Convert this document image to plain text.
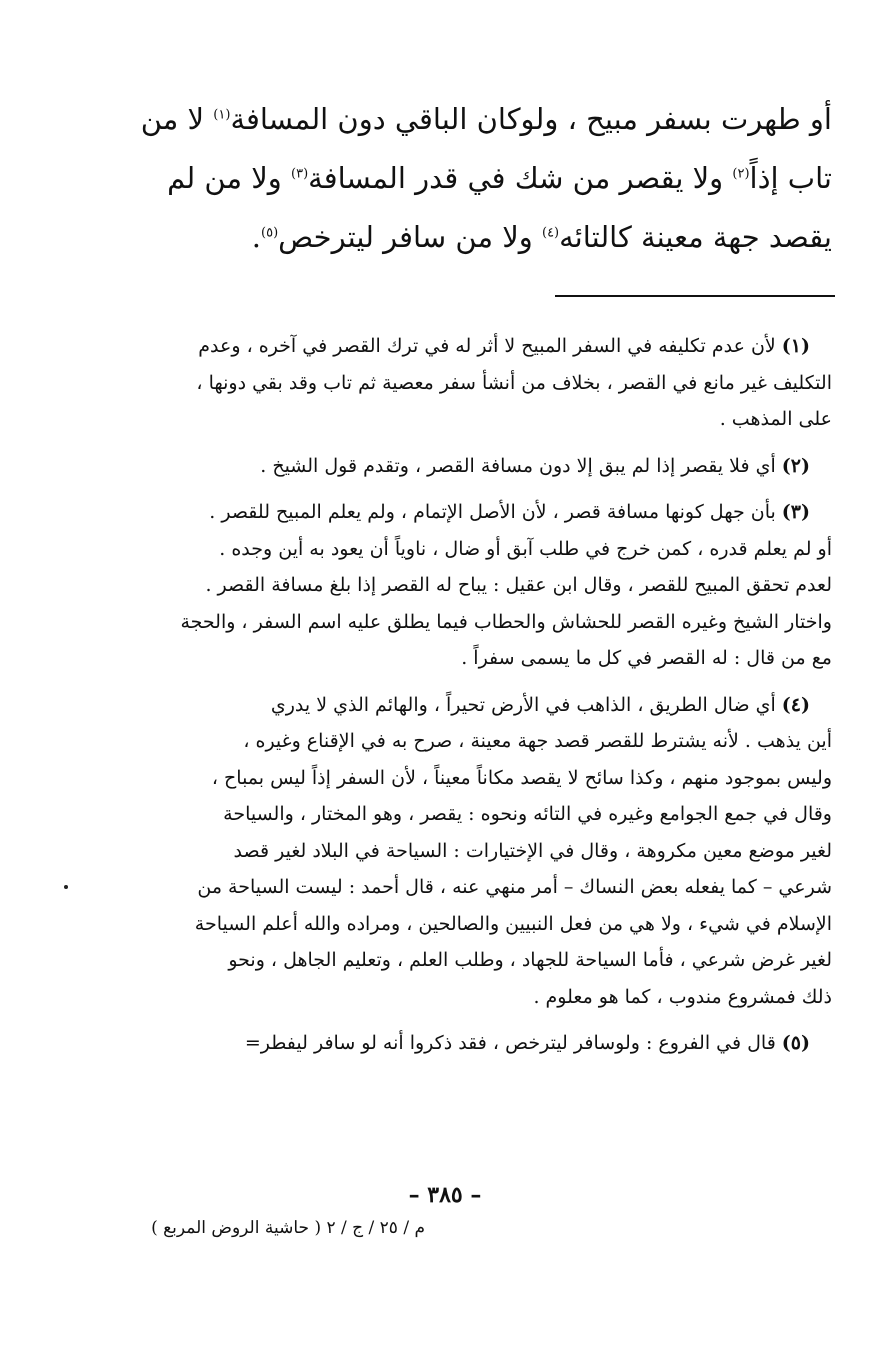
أو طهرت بسفر مبيح ، ولوكان الباقي دون المسافة$^{(١)}$ لا من
تاب إذاً$^{(٢)}$ ولا يقصر من شك في قدر المسافة$^{(٣)}$ ولا من لم
يقصد جهة معينة كالتائه$^{(٤)}$ ولا من سافر ليترخص$^{(٥)}$.
(١)لأن عدم تكليفه في السفر المبيح لا أثر له في ترك القصر في آخره ، وعدم
التكليف غير مانع في القصر ، بخلاف من أنشأ سفر معصية ثم تاب وقد بقي دونها ،
على المذهب .
(٢)أي فلا يقصر إذا لم يبق إلا دون مسافة القصر ، وتقدم قول الشيخ .
(٣)بأن جهل كونها مسافة قصر ، لأن الأصل الإتمام ، ولم يعلم المبيح للقصر .
أو لم يعلم قدره ، كمن خرج في طلب آبق أو ضال ، ناوياً أن يعود به أين وجده .
لعدم تحقق المبيح للقصر ، وقال ابن عقيل : يباح له القصر إذا بلغ مسافة القصر .
واختار الشيخ وغيره القصر للحشاش والحطاب فيما يطلق عليه اسم السفر ، والحجة
مع من قال : له القصر في كل ما يسمى سفراً .
(٤)أي ضال الطريق ، الذاهب في الأرض تحيراً ، والهائم الذي لا يدري
أين يذهب . لأنه يشترط للقصر قصد جهة معينة ، صرح به في الإقناع وغيره ،
وليس بموجود منهم ، وكذا سائح لا يقصد مكاناً معيناً ، لأن السفر إذاً ليس بمباح ،
وقال في جمع الجوامع وغيره في التائه ونحوه : يقصر ، وهو المختار ، والسياحة
لغير موضع معين مكروهة ، وقال في الإختيارات : السياحة في البلاد لغير قصد
شرعي – كما يفعله بعض النساك – أمر منهي عنه ، قال أحمد : ليست السياحة من
الإسلام في شيء ، ولا هي من فعل النبيين والصالحين ، ومراده والله أعلم السياحة
لغير غرض شرعي ، فأما السياحة للجهاد ، وطلب العلم ، وتعليم الجاهل ، ونحو
ذلك فمشروع مندوب ، كما هو معلوم .
(٥)قال في الفروع : ولوسافر ليترخص ، فقد ذكروا أنه لو سافر ليفطر=
– ٣٨٥ –
م / ٢٥ / ج / ٢ ( حاشية الروض المربع )
